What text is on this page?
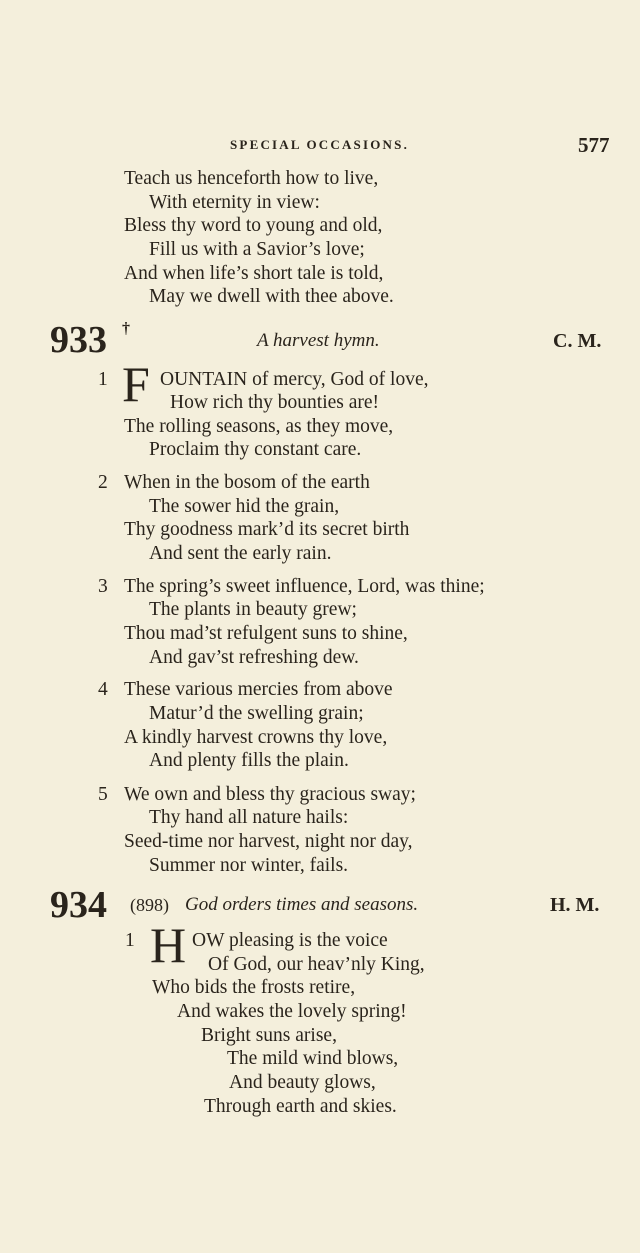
SPECIAL OCCASIONS.	577
Teach us henceforth how to live,
With eternity in view:
Bless thy word to young and old,
Fill us with a Savior’s love;
And when life’s short tale is told,
May we dwell with thee above.
933 †
A harvest hymn.	C. M.
1 F OUNTAIN of mercy, God of love,
How rich thy bounties are!
The rolling seasons, as they move,
Proclaim thy constant care.
2 When in the bosom of the earth
The sower hid the grain,
Thy goodness mark’d its secret birth
And sent the early rain.
3 The spring’s sweet influence, Lord, was thine;
The plants in beauty grew;
Thou mad’st refulgent suns to shine,
And gav’st refreshing dew.
4 These various mercies from above
Matur’d the swelling grain;
A kindly harvest crowns thy love,
And plenty fills the plain.
5 We own and bless thy gracious sway;
Thy hand all nature hails:
Seed-time nor harvest, night nor day,
Summer nor winter, fails.
934 (898) God orders times and seasons.	H. M.
1 H OW pleasing is the voice
Of God, our heav’nly King,
Who bids the frosts retire,
And wakes the lovely spring!
Bright suns arise,
The mild wind blows,
And beauty glows,
Through earth and skies.
